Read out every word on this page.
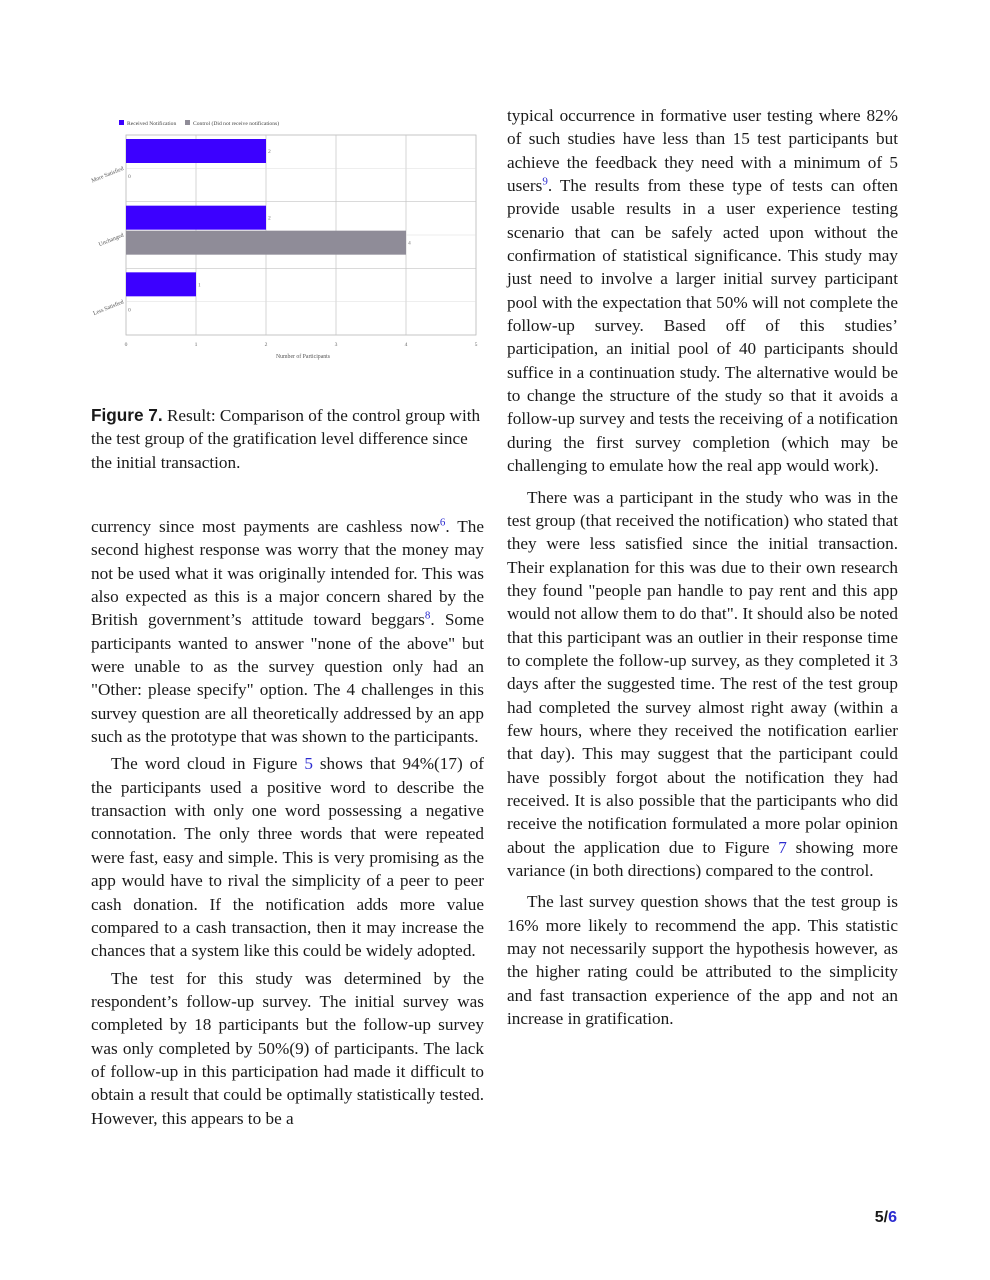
Received Notification	Control (Did not receive notifications)
0	1	2	3	4	5
2
0
More Satisfied
2
4
Unchanged
1
0
Less Satisfied
Number of Participants
Figure 7. Result: Comparison of the control group with the test group of the gratification level difference since the initial transaction.

currency since most payments are cashless now$^6$. The second highest response was worry that the money may not be used what it was originally intended for. This was also expected as this is a major concern shared by the British government’s attitude toward beggars$^8$. Some participants wanted to answer "none of the above" but were unable to as the survey question only had an "Other: please specify" option. The 4 challenges in this survey question are all theoretically addressed by an app such as the prototype that was shown to the participants.

The word cloud in Figure 5 shows that 94%(17) of the participants used a positive word to describe the transaction with only one word possessing a negative connotation. The only three words that were repeated were fast, easy and simple. This is very promising as the app would have to rival the simplicity of a peer to peer cash donation. If the notification adds more value compared to a cash transaction, then it may increase the chances that a system like this could be widely adopted.

The test for this study was determined by the respondent’s follow-up survey. The initial survey was completed by 18 participants but the follow-up survey was only completed by 50%(9) of participants. The lack of follow-up in this participation had made it difficult to obtain a result that could be optimally statistically tested. However, this appears to be a

typical occurrence in formative user testing where 82% of such studies have less than 15 test participants but achieve the feedback they need with a minimum of 5 users$^9$. The results from these type of tests can often provide usable results in a user experience testing scenario that can be safely acted upon without the confirmation of statistical significance. This study may just need to involve a larger initial survey participant pool with the expectation that 50% will not complete the follow-up survey. Based off of this studies’ participation, an initial pool of 40 participants should suffice in a continuation study. The alternative would be to change the structure of the study so that it avoids a follow-up survey and tests the receiving of a notification during the first survey completion (which may be challenging to emulate how the real app would work).

There was a participant in the study who was in the test group (that received the notification) who stated that they were less satisfied since the initial transaction. Their explanation for this was due to their own research they found "people pan handle to pay rent and this app would not allow them to do that". It should also be noted that this participant was an outlier in their response time to complete the follow-up survey, as they completed it 3 days after the suggested time. The rest of the test group had completed the survey almost right away (within a few hours, where they received the notification earlier that day). This may suggest that the participant could have possibly forgot about the notification they had received. It is also possible that the participants who did receive the notification formulated a more polar opinion about the application due to Figure 7 showing more variance (in both directions) compared to the control.

The last survey question shows that the test group is 16% more likely to recommend the app. This statistic may not necessarily support the hypothesis however, as the higher rating could be attributed to the simplicity and fast transaction experience of the app and not an increase in gratification.

5/6
